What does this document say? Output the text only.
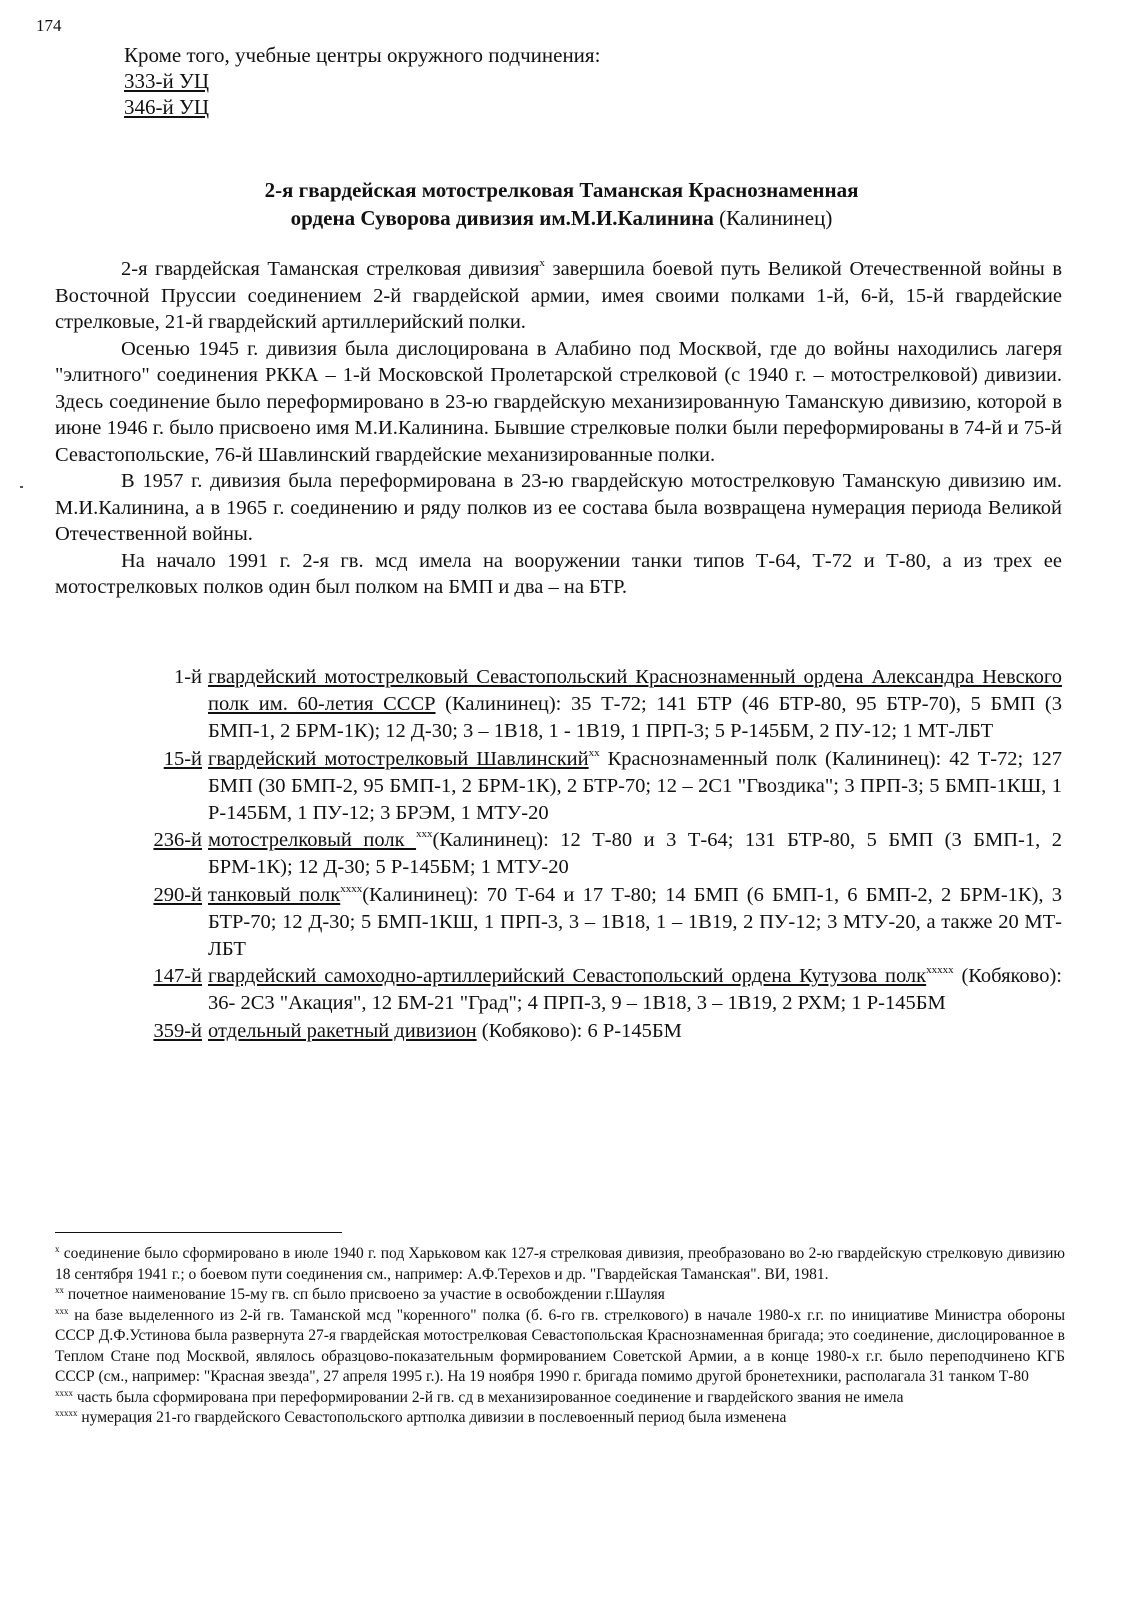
174
Кроме того, учебные центры окружного подчинения:
333-й УЦ
346-й УЦ
2-я гвардейская мотострелковая Таманская Краснознаменная
ордена Суворова дивизия им.М.И.Калинина (Калининец)

2-я гвардейская Таманская стрелковая дивизия$^x$ завершила боевой путь Великой Отечественной войны в Восточной Пруссии соединением 2-й гвардейской армии, имея своими полками 1-й, 6-й, 15-й гвардейские стрелковые, 21-й гвардейский артиллерийский полки.

Осенью 1945 г. дивизия была дислоцирована в Алабино под Москвой, где до войны находились лагеря "элитного" соединения РККА – 1-й Московской Пролетарской стрелковой (с 1940 г. – мотострелковой) дивизии. Здесь соединение было переформировано в 23-ю гвардейскую механизированную Таманскую дивизию, которой в июне 1946 г. было присвоено имя М.И.Калинина. Бывшие стрелковые полки были переформированы в 74-й и 75-й Севастопольские, 76-й Шавлинский гвардейские механизированные полки.

В 1957 г. дивизия была переформирована в 23-ю гвардейскую мотострелковую Таманскую дивизию им. М.И.Калинина, а в 1965 г. соединению и ряду полков из ее состава была возвращена нумерация периода Великой Отечественной войны.

На начало 1991 г. 2-я гв. мсд имела на вооружении танки типов Т-64, Т-72 и Т-80, а из трех ее мотострелковых полков один был полком на БМП и два – на БТР.

1-й гвардейский мотострелковый Севастопольский Краснознаменный ордена Александра Невского полк им. 60-летия СССР (Калининец): 35 Т-72; 141 БТР (46 БТР-80, 95 БТР-70), 5 БМП (3 БМП-1, 2 БРМ-1К); 12 Д-30; 3 – 1В18, 1 - 1В19, 1 ПРП-3; 5 Р-145БМ, 2 ПУ-12; 1 МТ-ЛБТ
15-й гвардейский мотострелковый Шавлинский$^{xx}$ Краснознаменный полк (Калининец): 42 Т-72; 127 БМП (30 БМП-2, 95 БМП-1, 2 БРМ-1К), 2 БТР-70; 12 – 2С1 "Гвоздика"; 3 ПРП-3; 5 БМП-1КШ, 1 Р-145БМ, 1 ПУ-12; 3 БРЭМ, 1 МТУ-20
236-й мотострелковый полк $^{xxx}$(Калининец): 12 Т-80 и 3 Т-64; 131 БТР-80, 5 БМП (3 БМП-1, 2 БРМ-1К); 12 Д-30; 5 Р-145БМ; 1 МТУ-20
290-й танковый полк$^{xxxx}$(Калининец): 70 Т-64 и 17 Т-80; 14 БМП (6 БМП-1, 6 БМП-2, 2 БРМ-1К), 3 БТР-70; 12 Д-30; 5 БМП-1КШ, 1 ПРП-3, 3 – 1В18, 1 – 1В19, 2 ПУ-12; 3 МТУ-20, а также 20 МТ-ЛБТ
147-й гвардейский самоходно-артиллерийский Севастопольский ордена Кутузова полк$^{xxxxx}$ (Кобяково): 36- 2С3 "Акация", 12 БМ-21 "Град"; 4 ПРП-3, 9 – 1В18, 3 – 1В19, 2 РХМ; 1 Р-145БМ
359-й отдельный ракетный дивизион (Кобяково): 6 Р-145БМ

$^x$ соединение было сформировано в июле 1940 г. под Харьковом как 127-я стрелковая дивизия, преобразовано во 2-ю гвардейскую стрелковую дивизию 18 сентября 1941 г.; о боевом пути соединения см., например: А.Ф.Терехов и др. "Гвардейская Таманская". ВИ, 1981.

$^{xx}$ почетное наименование 15-му гв. сп было присвоено за участие в освобождении г.Шауляя

$^{xxx}$ на базе выделенного из 2-й гв. Таманской мсд "коренного" полка (б. 6-го гв. стрелкового) в начале 1980-х г.г. по инициативе Министра обороны СССР Д.Ф.Устинова была развернута 27-я гвардейская мотострелковая Севастопольская Краснознаменная бригада; это соединение, дислоцированное в Теплом Стане под Москвой, являлось образцово-показательным формированием Советской Армии, а в конце 1980-х г.г. было переподчинено КГБ СССР (см., например: "Красная звезда", 27 апреля 1995 г.). На 19 ноября 1990 г. бригада помимо другой бронетехники, располагала 31 танком Т-80

$^{xxxx}$ часть была сформирована при переформировании 2-й гв. сд в механизированное соединение и гвардейского звания не имела

$^{xxxxx}$ нумерация 21-го гвардейского Севастопольского артполка дивизии в послевоенный период была изменена
